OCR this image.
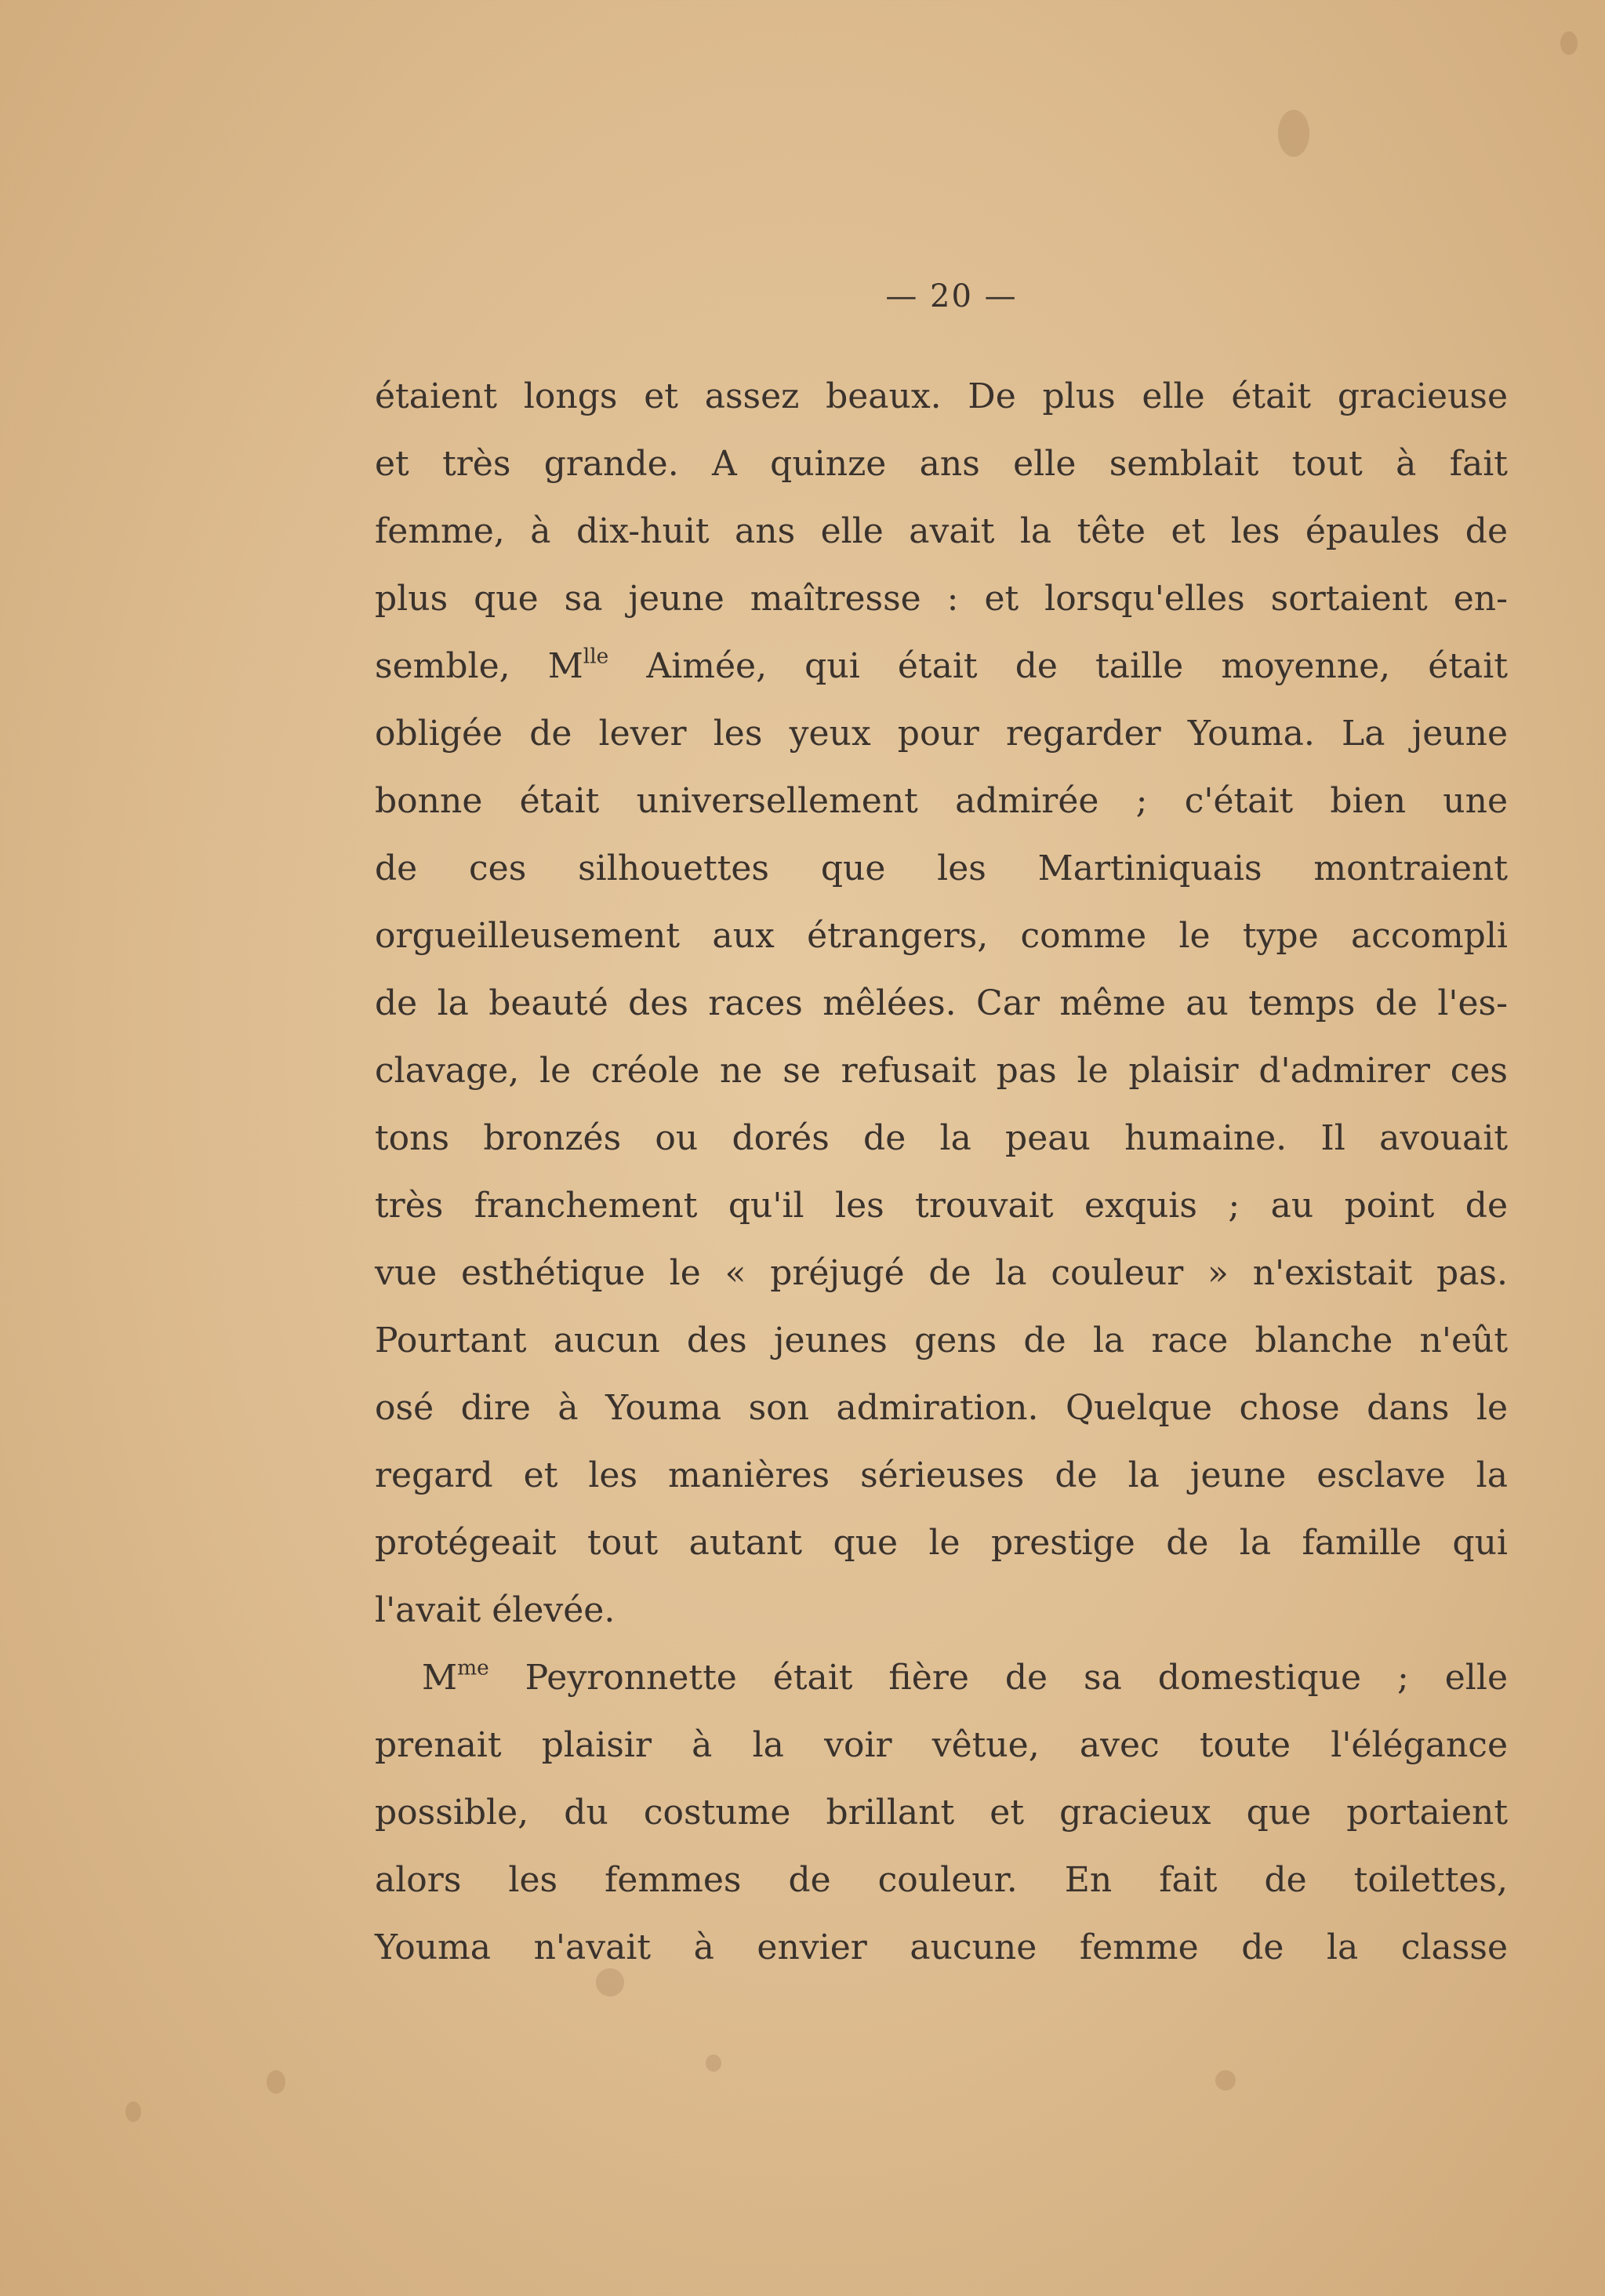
— 20 —
étaient longs et assez beaux. De plus elle était gracieuse
et très grande. A quinze ans elle semblait tout à fait
femme, à dix-huit ans elle avait la tête et les épaules de
plus que sa jeune maîtresse : et lorsqu'elles sortaient en-
semble, $M^{lle}$ Aimée, qui était de taille moyenne, était
obligée de lever les yeux pour regarder Youma. La jeune
bonne était universellement admirée ; c'était bien une
de ces silhouettes que les Martiniquais montraient
orgueilleusement aux étrangers, comme le type accompli
de la beauté des races mêlées. Car même au temps de l'es-
clavage, le créole ne se refusait pas le plaisir d'admirer ces
tons bronzés ou dorés de la peau humaine. Il avouait
très franchement qu'il les trouvait exquis ; au point de
vue esthétique le « préjugé de la couleur » n'existait pas.
Pourtant aucun des jeunes gens de la race blanche n'eût
osé dire à Youma son admiration. Quelque chose dans le
regard et les manières sérieuses de la jeune esclave la
protégeait tout autant que le prestige de la famille qui
l'avait élevée.
$M^{me}$ Peyronnette était fière de sa domestique ; elle
prenait plaisir à la voir vêtue, avec toute l'élégance
possible, du costume brillant et gracieux que portaient
alors les femmes de couleur. En fait de toilettes,
Youma n'avait à envier aucune femme de la classe
